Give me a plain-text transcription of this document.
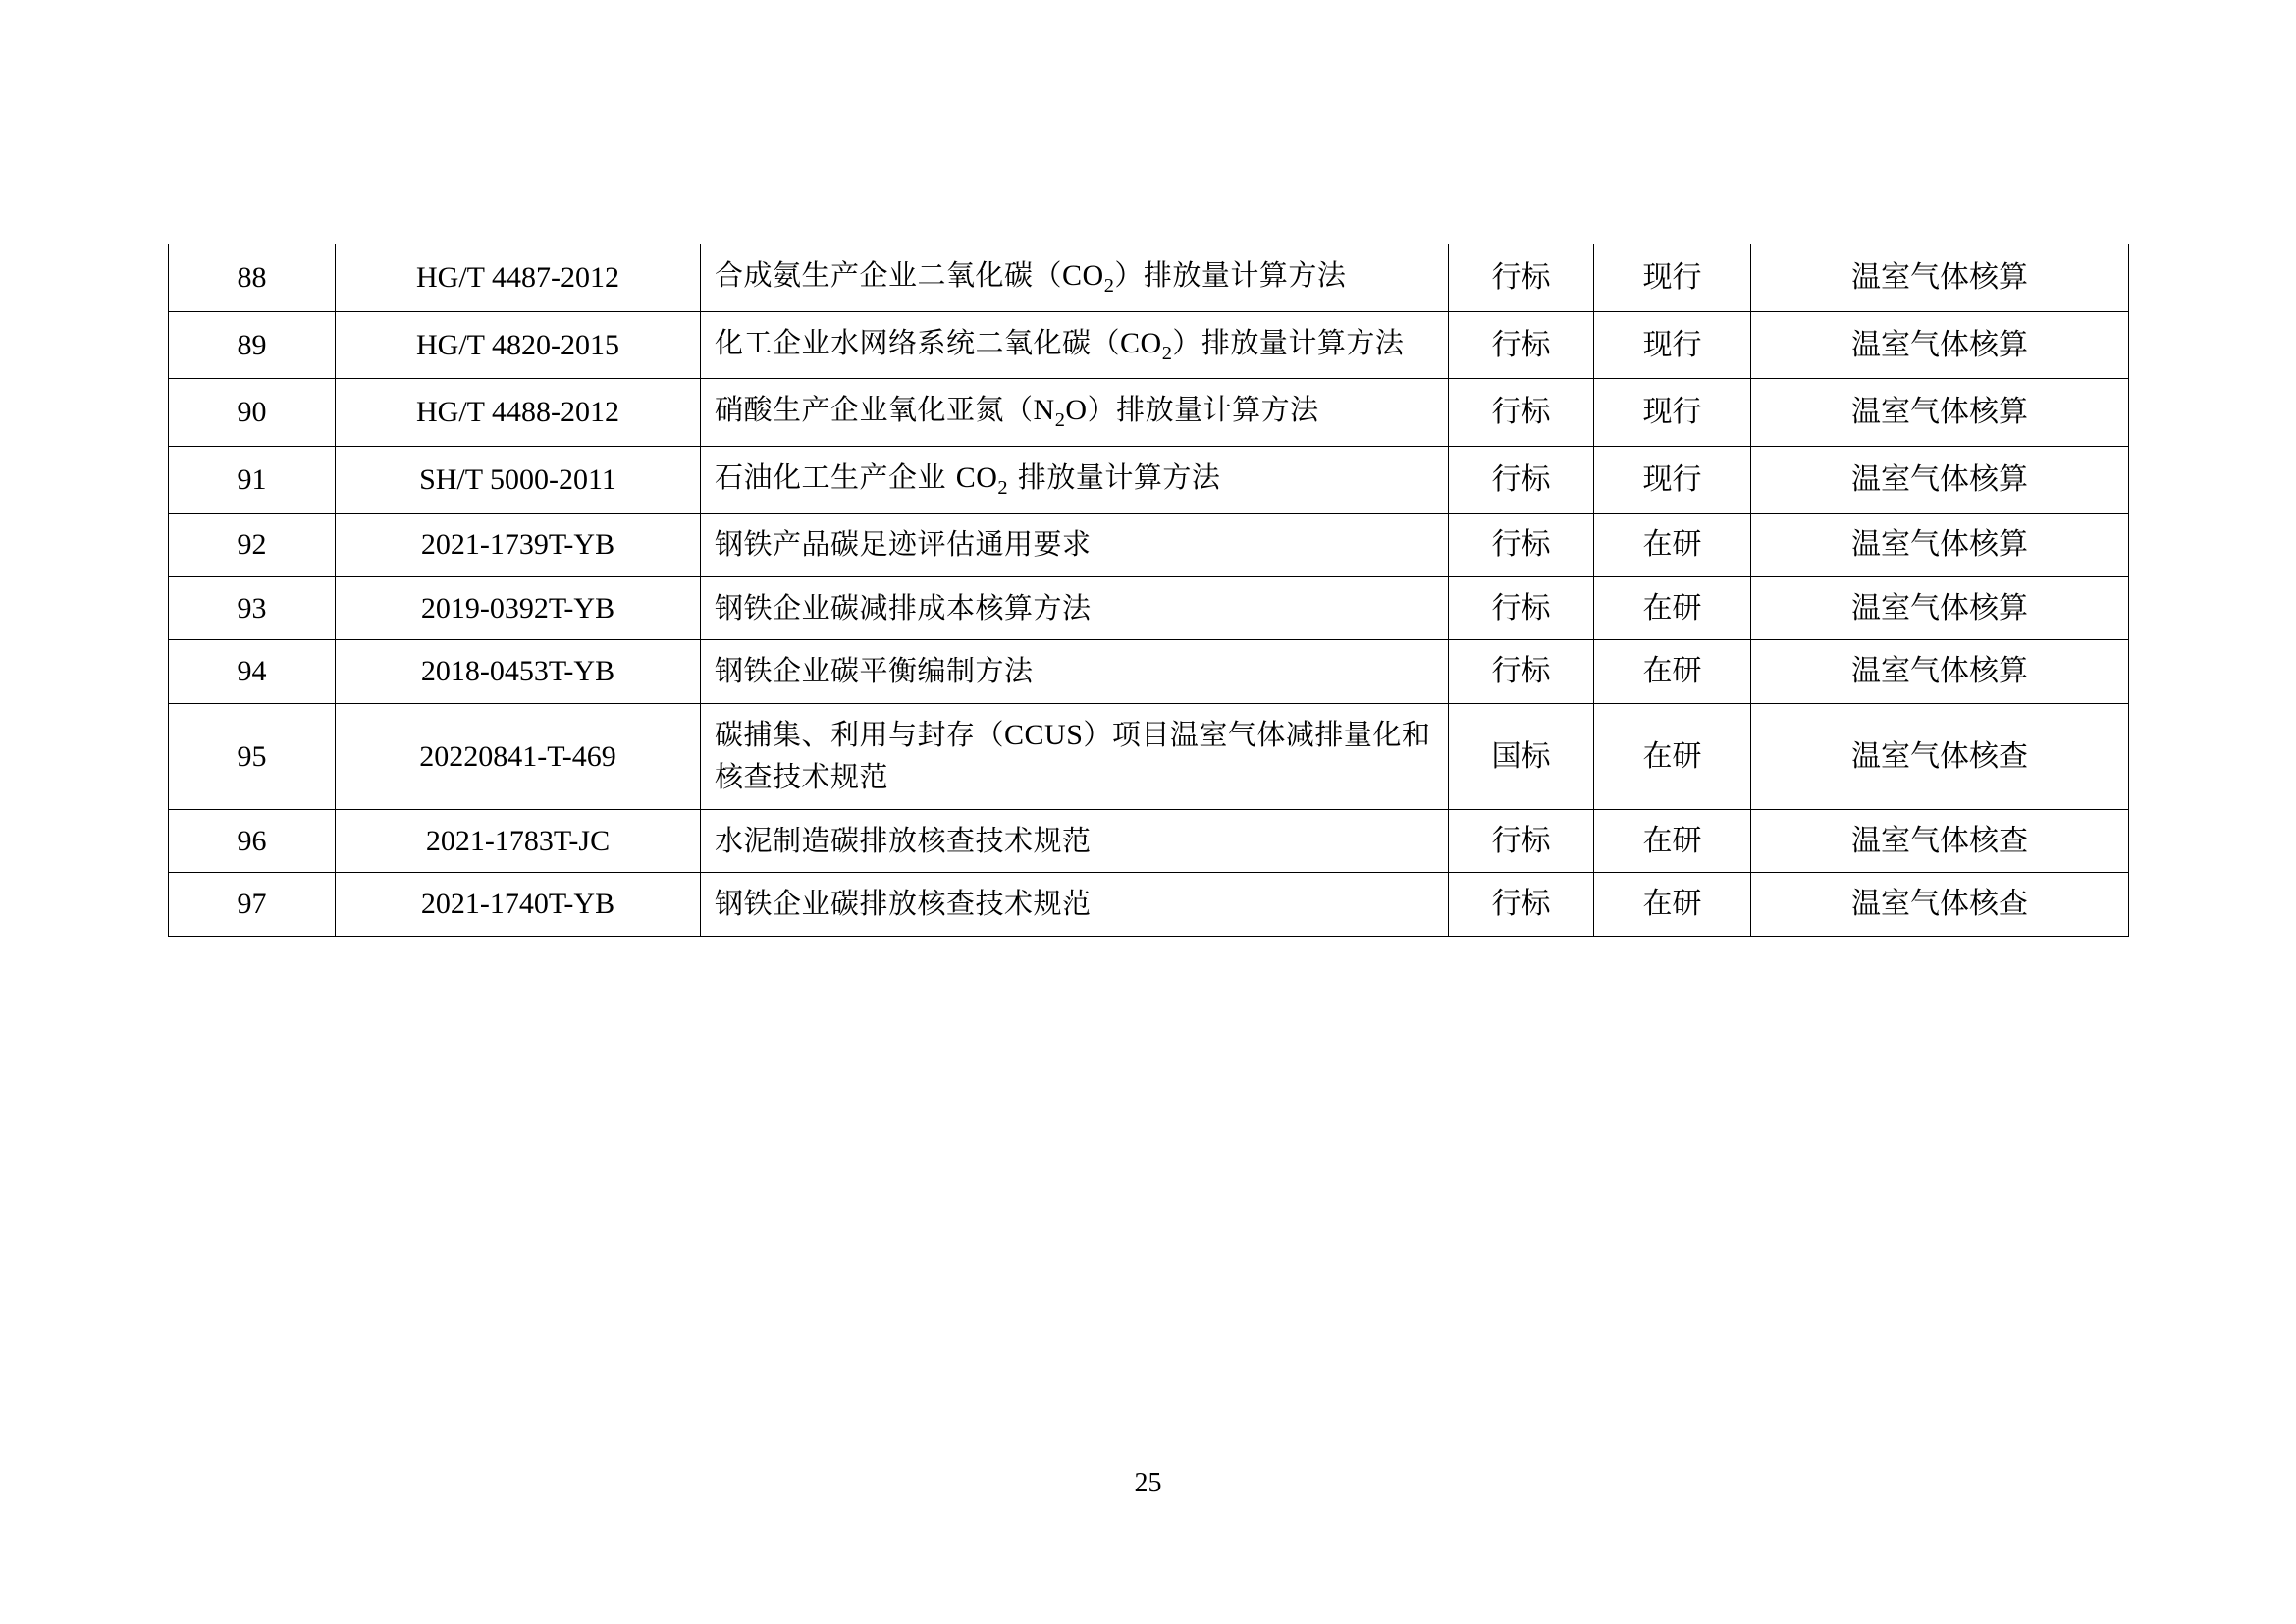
88	HG/T 4487-2012	合成氨生产企业二氧化碳$(CO_2)$排放量计算方法	行标	现行	温室气体核算
89	HG/T 4820-2015	化工企业水网络系统二氧化碳$(CO_2)$排放量计算方法	行标	现行	温室气体核算
90	HG/T 4488-2012	硝酸生产企业氧化亚氮$(N_2O)$排放量计算方法	行标	现行	温室气体核算
91	SH/T 5000-2011	石油化工生产企业 $CO_2$ 排放量计算方法	行标	现行	温室气体核算
92	2021-1739T-YB	钢铁产品碳足迹评估通用要求	行标	在研	温室气体核算
93	2019-0392T-YB	钢铁企业碳减排成本核算方法	行标	在研	温室气体核算
94	2018-0453T-YB	钢铁企业碳平衡编制方法	行标	在研	温室气体核算
95	20220841-T-469	碳捕集、利用与封存（CCUS）项目温室气体减排量化和核查技术规范	国标	在研	温室气体核查
96	2021-1783T-JC	水泥制造碳排放核查技术规范	行标	在研	温室气体核查
97	2021-1740T-YB	钢铁企业碳排放核查技术规范	行标	在研	温室气体核查
25
